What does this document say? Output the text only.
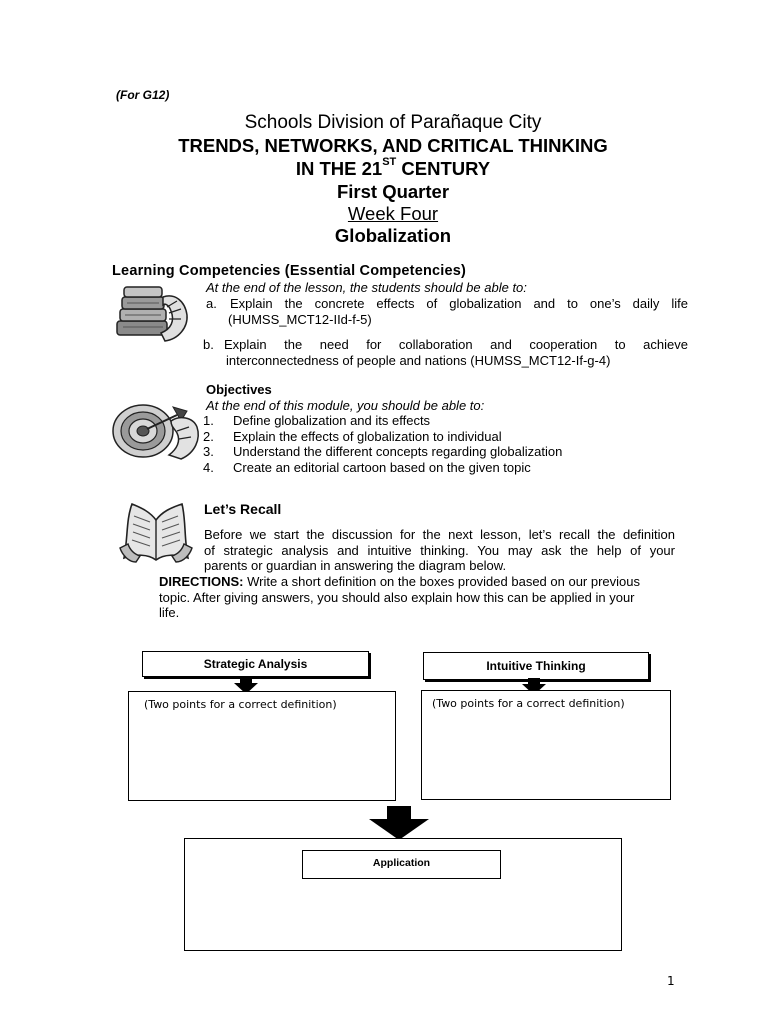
(For G12)
Schools Division of Parañaque City
TRENDS, NETWORKS, AND CRITICAL THINKING
IN THE 21ST CENTURY
First Quarter
Week Four
Globalization
Learning Competencies (Essential Competencies)
At the end of the lesson, the students should be able to:
a. Explain the concrete effects of globalization and to one’s daily life
(HUMSS_MCT12-IId-f-5)
b. Explain the need for collaboration and cooperation to achieve
interconnectedness of people and nations (HUMSS_MCT12-If-g-4)
Objectives
At the end of this module, you should be able to:
1.	Define globalization and its effects
2.	Explain the effects of globalization to individual
3.	Understand the different concepts regarding globalization
4.	Create an editorial cartoon based on the given topic
Let’s Recall
Before we start the discussion for the next lesson, let’s recall the definition
of strategic analysis and intuitive thinking. You may ask the help of your
parents or guardian in answering the diagram below.
DIRECTIONS: Write a short definition on the boxes provided based on our previous
topic. After giving answers, you should also explain how this can be applied in your
life.
Strategic Analysis	Intuitive Thinking
(Two points for a correct definition)	(Two points for a correct definition)
Application
1
